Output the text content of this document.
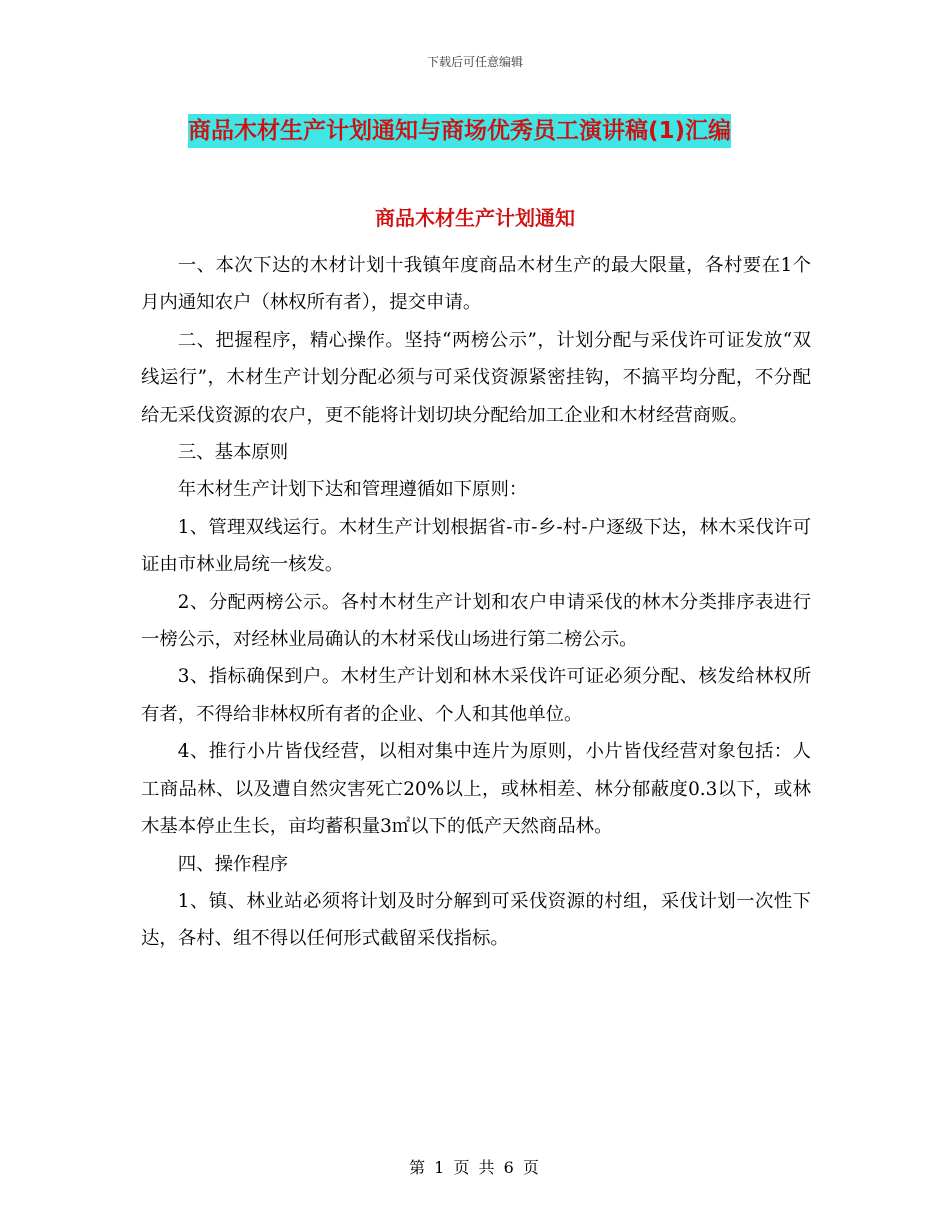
下载后可任意编辑
商品木材生产计划通知与商场优秀员工演讲稿(1)汇编
商品木材生产计划通知

一、本次下达的木材计划十我镇年度商品木材生产的最大限量，各村要在1个月内通知农户（林权所有者），提交申请。

二、把握程序，精心操作。坚持“两榜公示”，计划分配与采伐许可证发放“双线运行”，木材生产计划分配必须与可采伐资源紧密挂钩，不搞平均分配，不分配给无采伐资源的农户，更不能将计划切块分配给加工企业和木材经营商贩。

三、基本原则

年木材生产计划下达和管理遵循如下原则：

1、管理双线运行。木材生产计划根据省-市-乡-村-户逐级下达，林木采伐许可证由市林业局统一核发。

2、分配两榜公示。各村木材生产计划和农户申请采伐的林木分类排序表进行一榜公示，对经林业局确认的木材采伐山场进行第二榜公示。

3、指标确保到户。木材生产计划和林木采伐许可证必须分配、核发给林权所有者，不得给非林权所有者的企业、个人和其他单位。

4、推行小片皆伐经营，以相对集中连片为原则，小片皆伐经营对象包括：人工商品林、以及遭自然灾害死亡20%以上，或林相差、林分郁蔽度0.3以下，或林木基本停止生长，亩均蓄积量3㎡以下的低产天然商品林。

四、操作程序

1、镇、林业站必须将计划及时分解到可采伐资源的村组，采伐计划一次性下达，各村、组不得以任何形式截留采伐指标。

第 1 页 共 6 页
